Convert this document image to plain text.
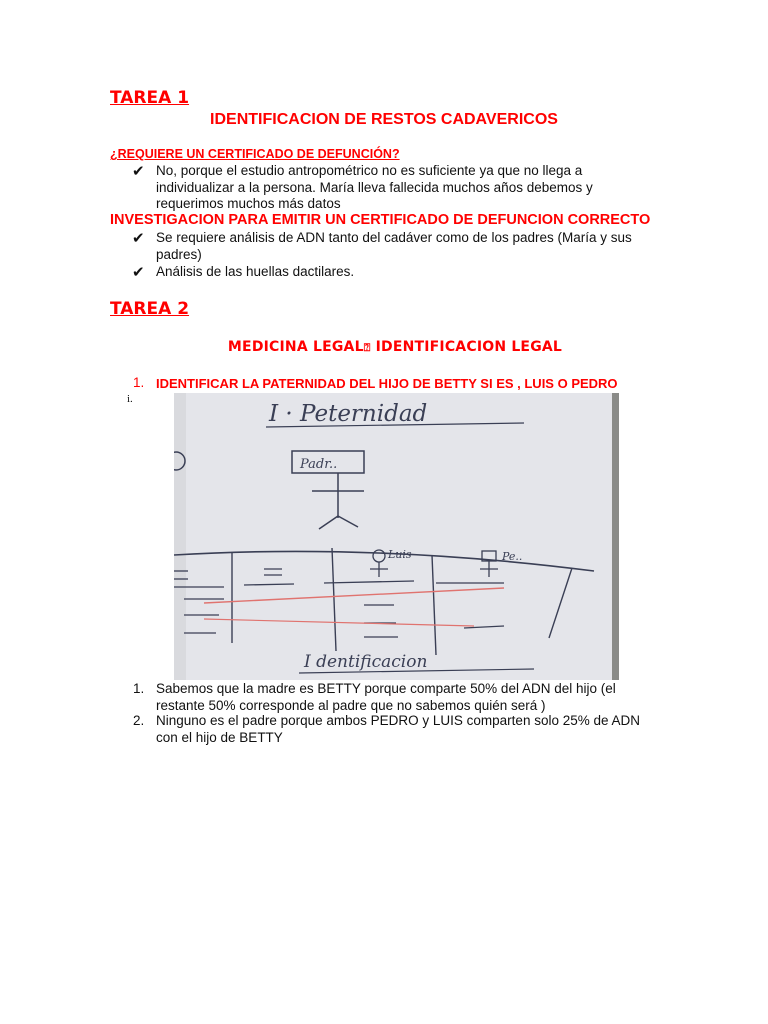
TAREA 1
IDENTIFICACION DE RESTOS CADAVERICOS
¿REQUIERE UN CERTIFICADO DE DEFUNCIÓN?
✔ No, porque el estudio antropométrico no es suficiente ya que no llega a
individualizar a la persona. María lleva fallecida muchos años debemos y
requerimos muchos más datos
INVESTIGACION PARA EMITIR UN CERTIFICADO DE DEFUNCION CORRECTO
✔ Se requiere análisis de ADN tanto del cadáver como de los padres (María y sus
padres)
✔ Análisis de las huellas dactilares.
TAREA 2
MEDICINA LEGAL⍰ IDENTIFICACION LEGAL
1. IDENTIFICAR LA PATERNIDAD DEL HIJO DE BETTY SI ES , LUIS O PEDRO
i.
I · Peternidad
Padr..
Luis	Pe..
I dentificacion
1. Sabemos que la madre es BETTY porque comparte 50% del ADN del hijo (el
restante 50% corresponde al padre que no sabemos quién será )
2. Ninguno es el padre porque ambos PEDRO y LUIS comparten solo 25% de ADN
con el hijo de BETTY
